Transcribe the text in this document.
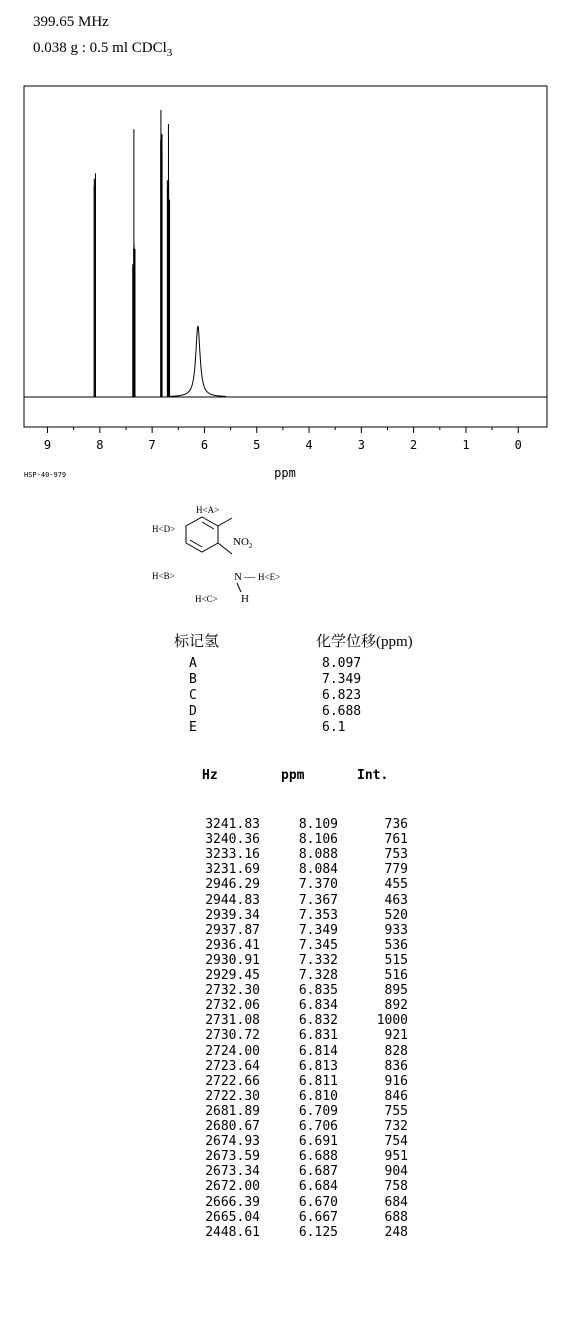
399.65 MHz
0.038 g : 0.5 ml CDCl$_3$
9	8	7	6	5	4	3	2	1	0
ppm
HSP-40-979
H<A>
H<D>
H<B>
H<C>
$NO_2$
N — H<E>
H
标记氢	化学位移(ppm)
A	8.097
B	7.349
C	6.823
D	6.688
E	6.1
Hz	ppm	Int.
3241.83	8.109	736
3240.36	8.106	761
3233.16	8.088	753
3231.69	8.084	779
2946.29	7.370	455
2944.83	7.367	463
2939.34	7.353	520
2937.87	7.349	933
2936.41	7.345	536
2930.91	7.332	515
2929.45	7.328	516
2732.30	6.835	895
2732.06	6.834	892
2731.08	6.832	1000
2730.72	6.831	921
2724.00	6.814	828
2723.64	6.813	836
2722.66	6.811	916
2722.30	6.810	846
2681.89	6.709	755
2680.67	6.706	732
2674.93	6.691	754
2673.59	6.688	951
2673.34	6.687	904
2672.00	6.684	758
2666.39	6.670	684
2665.04	6.667	688
2448.61	6.125	248
